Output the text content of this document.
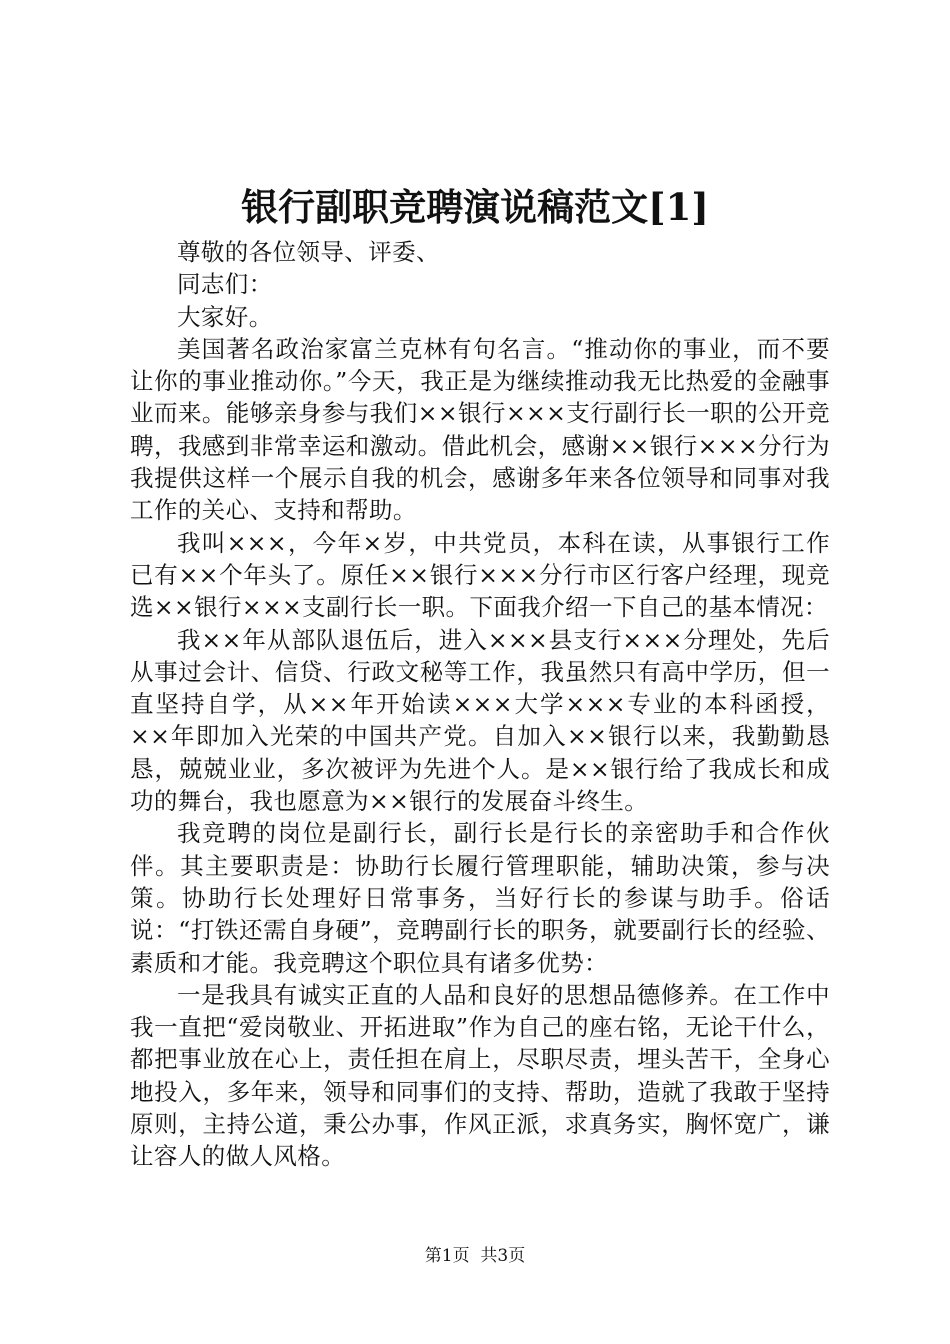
银行副职竞聘演说稿范文[1]

尊敬的各位领导、评委、

同志们：

大家好。

美国著名政治家富兰克林有句名言。“推动你的事业，而不要让你的事业推动你。”今天，我正是为继续推动我无比热爱的金融事业而来。能够亲身参与我们××银行×××支行副行长一职的公开竞聘，我感到非常幸运和激动。借此机会，感谢××银行×××分行为我提供这样一个展示自我的机会，感谢多年来各位领导和同事对我工作的关心、支持和帮助。

我叫×××，今年×岁，中共党员，本科在读，从事银行工作已有××个年头了。原任××银行×××分行市区行客户经理，现竞选××银行×××支副行长一职。下面我介绍一下自己的基本情况：

我××年从部队退伍后，进入×××县支行×××分理处，先后从事过会计、信贷、行政文秘等工作，我虽然只有高中学历，但一直坚持自学，从××年开始读×××大学×××专业的本科函授，××年即加入光荣的中国共产党。自加入××银行以来，我勤勤恳恳，兢兢业业，多次被评为先进个人。是××银行给了我成长和成功的舞台，我也愿意为××银行的发展奋斗终生。

我竞聘的岗位是副行长，副行长是行长的亲密助手和合作伙伴。其主要职责是：协助行长履行管理职能，辅助决策，参与决策。协助行长处理好日常事务，当好行长的参谋与助手。俗话说：“打铁还需自身硬”，竞聘副行长的职务，就要副行长的经验、素质和才能。我竞聘这个职位具有诸多优势：

一是我具有诚实正直的人品和良好的思想品德修养。在工作中我一直把“爱岗敬业、开拓进取”作为自己的座右铭，无论干什么，都把事业放在心上，责任担在肩上，尽职尽责，埋头苦干，全身心地投入，多年来，领导和同事们的支持、帮助，造就了我敢于坚持原则，主持公道，秉公办事，作风正派，求真务实，胸怀宽广，谦让容人的做人风格。

第1页  共3页
